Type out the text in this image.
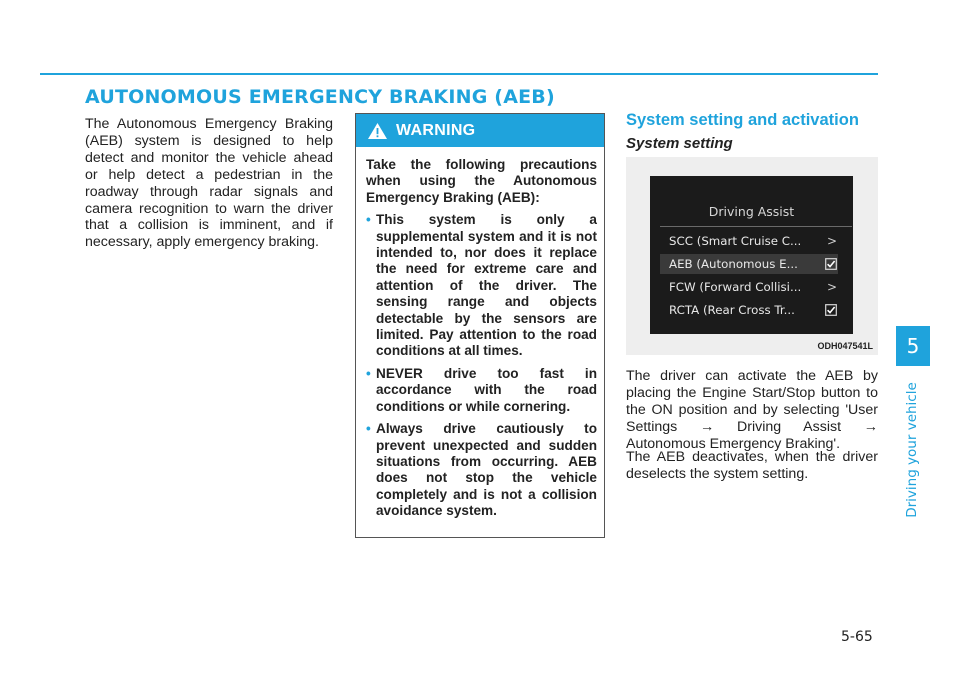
AUTONOMOUS EMERGENCY BRAKING (AEB)

The Autonomous Emergency Braking (AEB) system is designed to help detect and monitor the vehicle ahead or help detect a pedestrian in the roadway through radar signals and camera recognition to warn the driver that a collision is imminent, and if necessary, apply emergency braking.

WARNING

Take the following precautions when using the Autonomous Emergency Braking (AEB):

• This system is only a supplemental system and it is not intended to, nor does it replace the need for extreme care and attention of the driver. The sensing range and objects detectable by the sensors are limited. Pay attention to the road conditions at all times.
• NEVER drive too fast in accordance with the road conditions or while cornering.
• Always drive cautiously to prevent unexpected and sudden situations from occurring. AEB does not stop the vehicle completely and is not a collision avoidance system.
System setting and activation
System setting
Driving Assist
SCC (Smart Cruise C... >
AEB (Autonomous E...
FCW (Forward Collisi... >
RCTA (Rear Cross Tr...
ODH047541L

The driver can activate the AEB by placing the Engine Start/Stop button to the ON position and by selecting 'User Settings → Driving Assist → Autonomous Emergency Braking'.

The AEB deactivates, when the driver deselects the system setting.

5
Driving your vehicle
5-65
